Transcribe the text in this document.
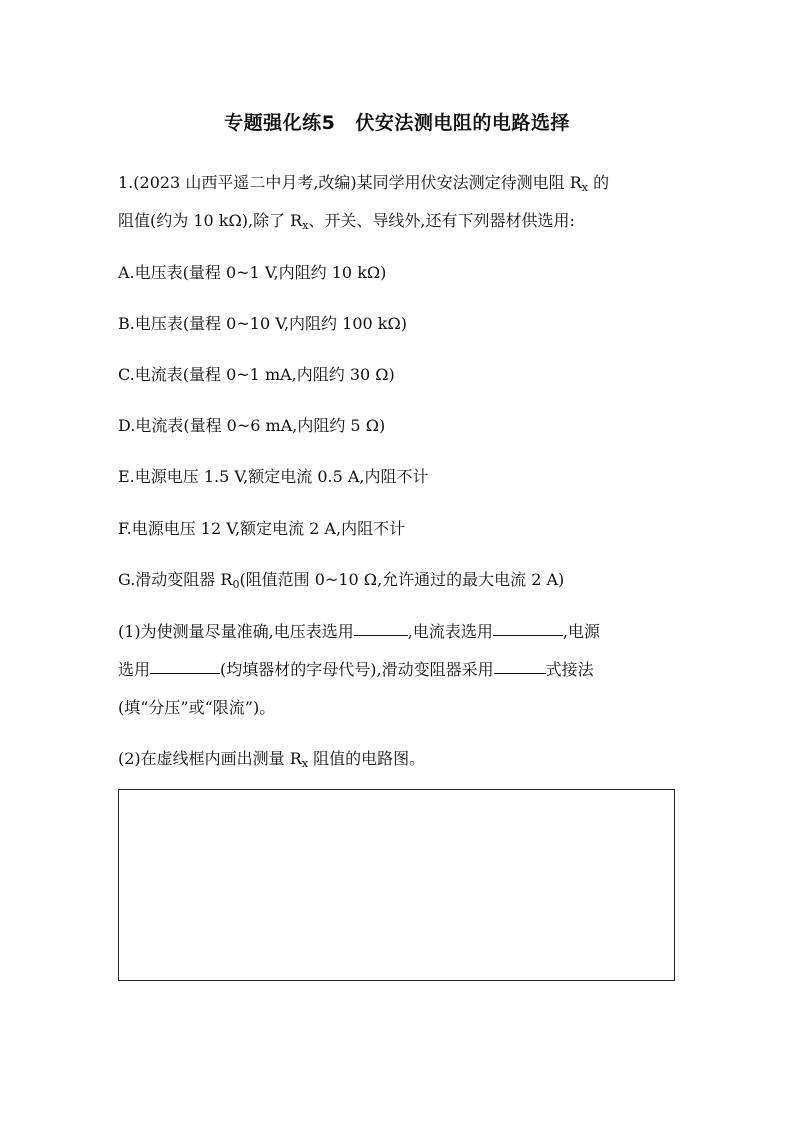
专题强化练5 伏安法测电阻的电路选择
1.(2023 山西平遥二中月考,改编)某同学用伏安法测定待测电阻 $R_x$ 的
阻值(约为 10 kΩ),除了 $R_x$、开关、导线外,还有下列器材供选用:
A.电压表(量程 0~1 V,内阻约 10 kΩ)
B.电压表(量程 0~10 V,内阻约 100 kΩ)
C.电流表(量程 0~1 mA,内阻约 30 Ω)
D.电流表(量程 0~6 mA,内阻约 5 Ω)
E.电源电压 1.5 V,额定电流 0.5 A,内阻不计
F.电源电压 12 V,额定电流 2 A,内阻不计
G.滑动变阻器 $R_0$(阻值范围 0~10 Ω,允许通过的最大电流 2 A)
(1)为使测量尽量准确,电压表选用	,电流表选用	,电源
选用	(均填器材的字母代号),滑动变阻器采用	式接法
(填“分压”或“限流”)。
(2)在虚线框内画出测量 $R_x$ 阻值的电路图。
